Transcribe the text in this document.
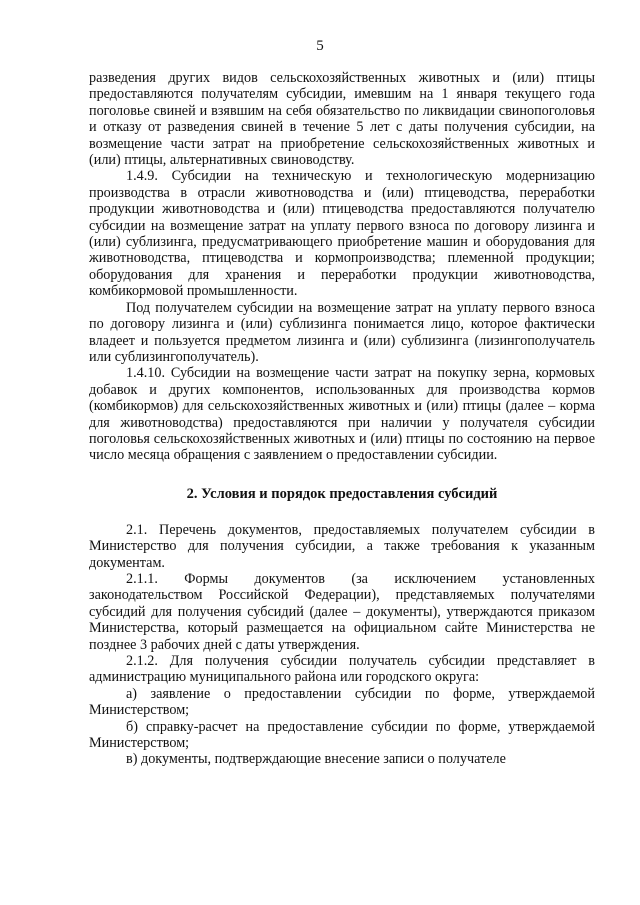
5

разведения других видов сельскохозяйственных животных и (или) птицы предоставляются получателям субсидии, имевшим на 1 января текущего года поголовье свиней и взявшим на себя обязательство по ликвидации свинопоголовья и отказу от разведения свиней в течение 5 лет с даты получения субсидии, на возмещение части затрат на приобретение сельскохозяйственных животных и (или) птицы, альтернативных свиноводству.

1.4.9. Субсидии на техническую и технологическую модернизацию производства в отрасли животноводства и (или) птицеводства, переработки продукции животноводства и (или) птицеводства предоставляются получателю субсидии на возмещение затрат на уплату первого взноса по договору лизинга и (или) сублизинга, предусматривающего приобретение машин и оборудования для животноводства, птицеводства и кормопроизводства; племенной продукции; оборудования для хранения и переработки продукции животноводства, комбикормовой промышленности.

Под получателем субсидии на возмещение затрат на уплату первого взноса по договору лизинга и (или) сублизинга понимается лицо, которое фактически владеет и пользуется предметом лизинга и (или) сублизинга (лизингополучатель или сублизингополучатель).

1.4.10. Субсидии на возмещение части затрат на покупку зерна, кормовых добавок и других компонентов, использованных для производства кормов (комбикормов) для сельскохозяйственных животных и (или) птицы (далее – корма для животноводства) предоставляются при наличии у получателя субсидии поголовья сельскохозяйственных животных и (или) птицы по состоянию на первое число месяца обращения с заявлением о предоставлении субсидии.

2. Условия и порядок предоставления субсидий

2.1. Перечень документов, предоставляемых получателем субсидии в Министерство для получения субсидии, а также требования к указанным документам.

2.1.1. Формы документов (за исключением установленных законодательством Российской Федерации), представляемых получателями субсидий для получения субсидий (далее – документы), утверждаются приказом Министерства, который размещается на официальном сайте Министерства не позднее 3 рабочих дней с даты утверждения.

2.1.2. Для получения субсидии получатель субсидии представляет в администрацию муниципального района или городского округа:

а) заявление о предоставлении субсидии по форме, утверждаемой Министерством;

б) справку-расчет на предоставление субсидии по форме, утверждаемой Министерством;

в) документы, подтверждающие внесение записи о получателе
